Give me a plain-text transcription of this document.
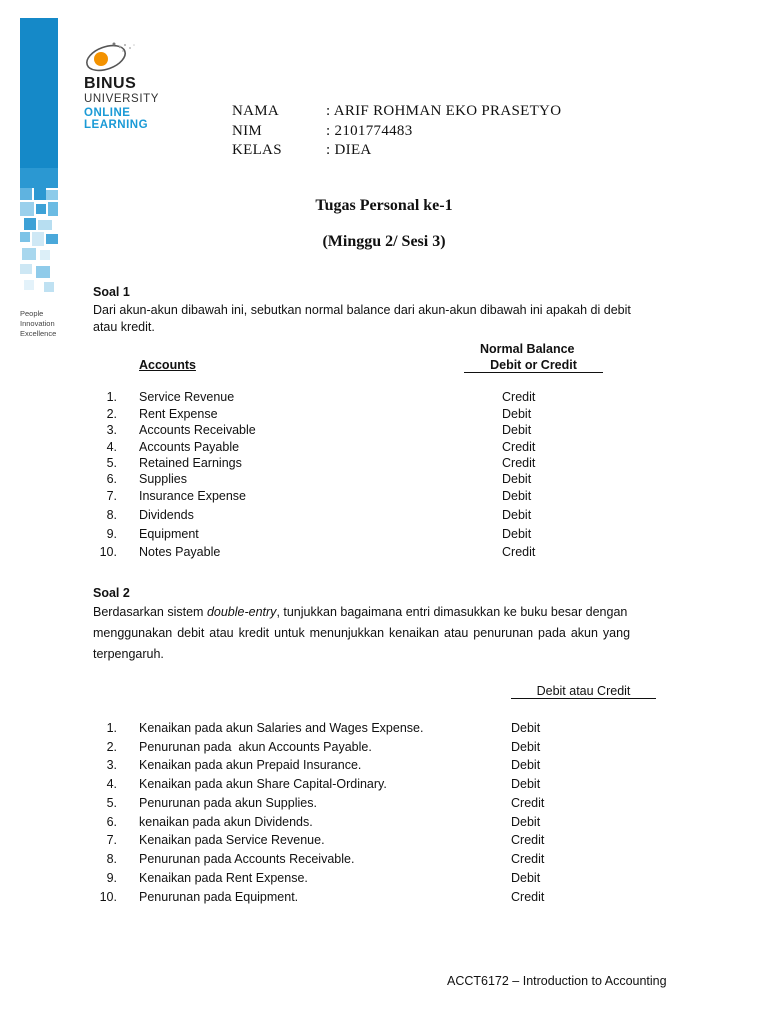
BINUS
UNIVERSITY
ONLINE
LEARNING
People
Innovation
Excellence
NAMA	: ARIF ROHMAN EKO PRASETYO
NIM	: 2101774483
KELAS	: DIEA
Tugas Personal ke-1
(Minggu 2/ Sesi 3)
Soal 1
Dari akun-akun dibawah ini, sebutkan normal balance dari akun-akun dibawah ini apakah di debit
atau kredit.
Normal Balance
Accounts	Debit or Credit
1. Service Revenue	Credit
2. Rent Expense	Debit
3. Accounts Receivable	Debit
4. Accounts Payable	Credit
5. Retained Earnings	Credit
6. Supplies	Debit
7. Insurance Expense	Debit
8. Dividends	Debit
9. Equipment	Debit
10. Notes Payable	Credit
Soal 2
Berdasarkan sistem double-entry, tunjukkan bagaimana entri dimasukkan ke buku besar dengan
menggunakan debit atau kredit untuk menunjukkan kenaikan atau penurunan pada akun yang
terpengaruh.
Debit atau Credit
1. Kenaikan pada akun Salaries and Wages Expense.	Debit
2. Penurunan pada  akun Accounts Payable.	Debit
3. Kenaikan pada akun Prepaid Insurance.	Debit
4. Kenaikan pada akun Share Capital-Ordinary.	Debit
5. Penurunan pada akun Supplies.	Credit
6. kenaikan pada akun Dividends.	Debit
7. Kenaikan pada Service Revenue.	Credit
8. Penurunan pada Accounts Receivable.	Credit
9. Kenaikan pada Rent Expense.	Debit
10. Penurunan pada Equipment.	Credit
ACCT6172 – Introduction to Accounting
